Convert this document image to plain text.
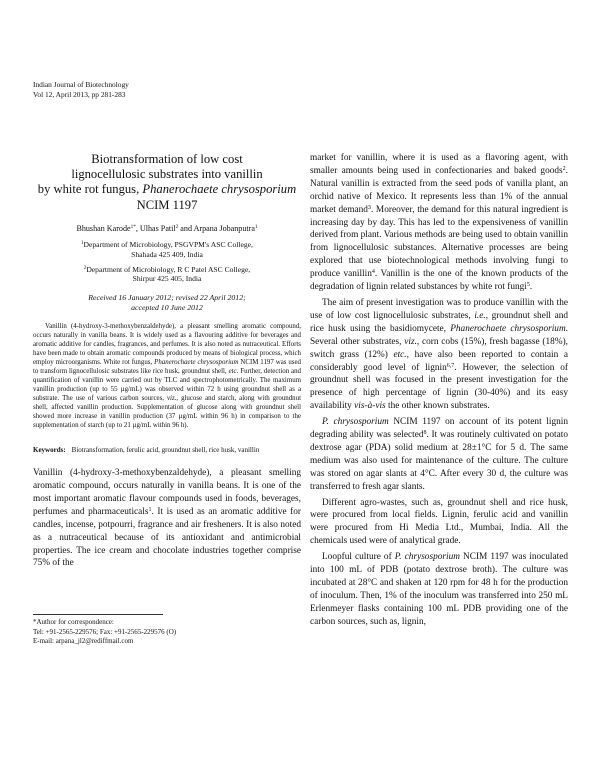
Indian Journal of Biotechnology
Vol 12, April 2013, pp 281-283
Biotransformation of low cost
lignocellulosic substrates into vanillin
by white rot fungus, Phanerochaete chrysosporium
NCIM 1197
Bhushan Karode$^{1*}$, Ulhas Patil$^2$ and Arpana Jobanputra$^1$
$^1$Department of Microbiology, PSGVPM's ASC College,
Shahada 425 409, India
$^2$Department of Microbiology, R C Patel ASC College,
Shirpur 425 405, India
Received 16 January 2012; revised 22 April 2012;
accepted 10 June 2012

Vanillin (4-hydroxy-3-methoxybenzaldehyde), a pleasant smelling aromatic compound, occurs naturally in vanilla beans. It is widely used as a flavouring additive for beverages and aromatic additive for candles, fragrances, and perfumes. It is also noted as nutraceutical. Efforts have been made to obtain aromatic compounds produced by means of biological process, which employ microorganisms. White rot fungus, Phanerochaete chrysosporium NCIM 1197 was used to transform lignocellulosic substrates like rice husk, groundnut shell, etc. Further, detection and quantification of vanillin were carried out by TLC and spectrophotometrically. The maximum vanillin production (up to 55 µg/mL) was observed within 72 h using groundnut shell as a substrate. The use of various carbon sources, viz., glucose and starch, along with groundnut shell, affected vanillin production. Supplementation of glucose along with groundnut shell showed more increase in vanillin production (37 µg/mL within 96 h) in comparison to the supplementation of starch (up to 21 µg/mL within 96 h).

Keywords: Biotransformation, ferulic acid, groundnut shell, rice husk, vanillin

Vanillin (4-hydroxy-3-methoxybenzaldehyde), a pleasant smelling aromatic compound, occurs naturally in vanilla beans. It is one of the most important aromatic flavour compounds used in foods, beverages, perfumes and pharmaceuticals$^1$. It is used as an aromatic additive for candles, incense, potpourri, fragrance and air fresheners. It is also noted as a nutraceutical because of its antioxidant and antimicrobial properties. The ice cream and chocolate industries together comprise 75% of the

*Author for correspondence:
Tel: +91-2565-229576; Fax: +91-2565-229576 (O)
E-mail: arpana_jl2@rediffmail.com

market for vanillin, where it is used as a flavoring agent, with smaller amounts being used in confectionaries and baked goods$^2$. Natural vanillin is extracted from the seed pods of vanilla plant, an orchid native of Mexico. It represents less than 1% of the annual market demand$^3$. Moreover, the demand for this natural ingredient is increasing day by day. This has led to the expensiveness of vanillin derived from plant. Various methods are being used to obtain vanillin from lignocellulosic substances. Alternative processes are being explored that use biotechnological methods involving fungi to produce vanillin$^4$. Vanillin is the one of the known products of the degradation of lignin related substances by white rot fungi$^5$.

The aim of present investigation was to produce vanillin with the use of low cost lignocellulosic substrates, i.e., groundnut shell and rice husk using the basidiomycete, Phanerochaete chrysosporium. Several other substrates, viz., corn cobs (15%), fresh bagasse (18%), switch grass (12%) etc., have also been reported to contain a considerably good level of lignin$^{6,7}$. However, the selection of groundnut shell was focused in the present investigation for the presence of high percentage of lignin (30-40%) and its easy availability vis-à-vis the other known substrates.

P. chrysosporium NCIM 1197 on account of its potent lignin degrading ability was selected$^8$. It was routinely cultivated on potato dextrose agar (PDA) solid medium at 28±1°C for 5 d. The same medium was also used for maintenance of the culture. The culture was stored on agar slants at 4°C. After every 30 d, the culture was transferred to fresh agar slants.

Different agro-wastes, such as, groundnut shell and rice husk, were procured from local fields. Lignin, ferulic acid and vanillin were procured from Hi Media Ltd., Mumbai, India. All the chemicals used were of analytical grade.

Loopful culture of P. chrysosporium NCIM 1197 was inoculated into 100 mL of PDB (potato dextrose broth). The culture was incubated at 28°C and shaken at 120 rpm for 48 h for the production of inoculum. Then, 1% of the inoculum was transferred into 250 mL Erlenmeyer flasks containing 100 mL PDB providing one of the carbon sources, such as, lignin,
